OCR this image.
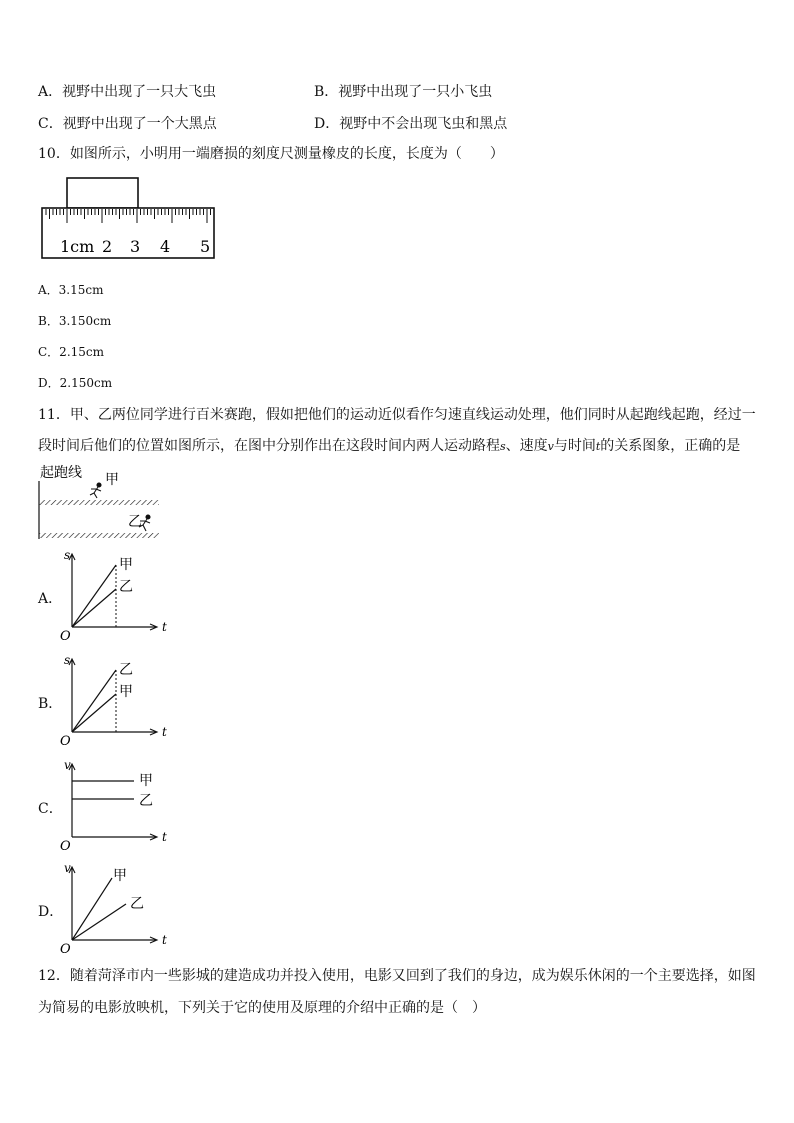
A．视野中出现了一只大飞虫	B．视野中出现了一只小飞虫
C．视野中出现了一个大黑点	D．视野中不会出现飞虫和黑点
10．如图所示，小明用一端磨损的刻度尺测量橡皮的长度，长度为（　　）
1cm 2 3 4 5
A．3.15cm
B．3.150cm
C．2.15cm
D．2.150cm
11．甲、乙两位同学进行百米赛跑，假如把他们的运动近似看作匀速直线运动处理，他们同时从起跑线起跑，经过一
段时间后他们的位置如图所示，在图中分别作出在这段时间内两人运动路程s、速度v与时间t的关系图象，正确的是
起跑线 甲
乙
A．
s
t
O
甲
乙
B．
s
t
O
乙
甲
C．
v
t
O
甲
乙
D．
v
t
O
甲
乙
12．随着菏泽市内一些影城的建造成功并投入使用，电影又回到了我们的身边，成为娱乐休闲的一个主要选择，如图
为简易的电影放映机，下列关于它的使用及原理的介绍中正确的是（　）
